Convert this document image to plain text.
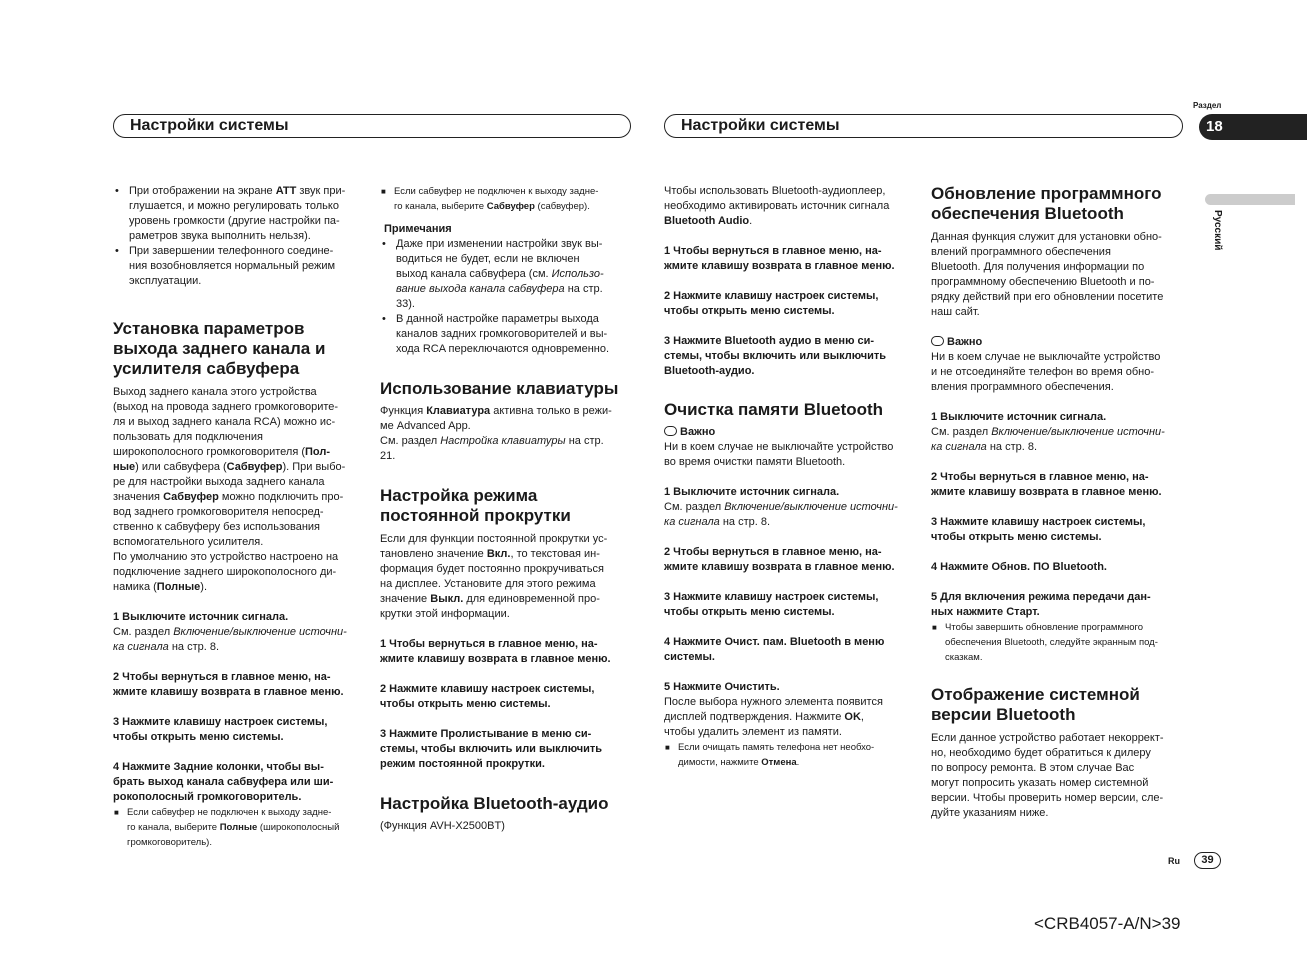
Настройки системы	Настройки системы
Раздел
18
Русский
• При отображении на экране ATT звук при-
глушается, и можно регулировать только
уровень громкости (другие настройки па-
раметров звука выполнить нельзя).
• При завершении телефонного соедине-
ния возобновляется нормальный режим
эксплуатации.

Установка параметров
выхода заднего канала и
усилителя сабвуфера

Выход заднего канала этого устройства
(выход на провода заднего громкоговорите-
ля и выход заднего канала RCA) можно ис-
пользовать для подключения
широкополосного громкоговорителя (Пол-
ные) или сабвуфера (Сабвуфер). При выбо-
ре для настройки выхода заднего канала
значения Сабвуфер можно подключить про-
вод заднего громкоговорителя непосред-
ственно к сабвуферу без использования
вспомогательного усилителя.

По умолчанию это устройство настроено на
подключение заднего широкополосного ди-
намика (Полные).

1 Выключите источник сигнала.

См. раздел Включение/выключение источни-
ка сигнала на стр. 8.

2 Чтобы вернуться в главное меню, на-
жмите клавишу возврата в главное меню.

3 Нажмите клавишу настроек системы,
чтобы открыть меню системы.

4 Нажмите Задние колонки, чтобы вы-
брать выход канала сабвуфера или ши-
рокополосный громкоговоритель.

■ Если сабвуфер не подключен к выходу задне-
го канала, выберите Полные (широкополосный
громкоговоритель).

■ Если сабвуфер не подключен к выходу задне-
го канала, выберите Сабвуфер (сабвуфер).

Примечания

• Даже при изменении настройки звук вы-
водиться не будет, если не включен
выход канала сабвуфера (см. Использо-
вание выхода канала сабвуфера на стр.
33).
• В данной настройке параметры выхода
каналов задних громкоговорителей и вы-
хода RCA переключаются одновременно.

Использование клавиатуры

Функция Клавиатура активна только в режи-
ме Advanced App.
См. раздел Настройка клавиатуры на стр.
21.

Настройка режима
постоянной прокрутки

Если для функции постоянной прокрутки ус-
тановлено значение Вкл., то текстовая ин-
формация будет постоянно прокручиваться
на дисплее. Установите для этого режима
значение Выкл. для единовременной про-
крутки этой информации.

1 Чтобы вернуться в главное меню, на-
жмите клавишу возврата в главное меню.

2 Нажмите клавишу настроек системы,
чтобы открыть меню системы.

3 Нажмите Пролистывание в меню си-
стемы, чтобы включить или выключить
режим постоянной прокрутки.

Настройка Bluetooth-аудио

(Функция AVH-X2500BT)

Чтобы использовать Bluetooth-аудиоплеер,
необходимо активировать источник сигнала
Bluetooth Audio.

1 Чтобы вернуться в главное меню, на-
жмите клавишу возврата в главное меню.

2 Нажмите клавишу настроек системы,
чтобы открыть меню системы.

3 Нажмите Bluetooth аудио в меню си-
стемы, чтобы включить или выключить
Bluetooth-аудио.

Очистка памяти Bluetooth

Важно

Ни в коем случае не выключайте устройство
во время очистки памяти Bluetooth.

1 Выключите источник сигнала.

См. раздел Включение/выключение источни-
ка сигнала на стр. 8.

2 Чтобы вернуться в главное меню, на-
жмите клавишу возврата в главное меню.

3 Нажмите клавишу настроек системы,
чтобы открыть меню системы.

4 Нажмите Очист. пам. Bluetooth в меню
системы.

5 Нажмите Очистить.

После выбора нужного элемента появится
дисплей подтверждения. Нажмите OK,
чтобы удалить элемент из памяти.

■ Если очищать память телефона нет необхо-
димости, нажмите Отмена.

Обновление программного
обеспечения Bluetooth

Данная функция служит для установки обно-
влений программного обеспечения
Bluetooth. Для получения информации по
программному обеспечению Bluetooth и по-
рядку действий при его обновлении посетите
наш сайт.

Важно

Ни в коем случае не выключайте устройство
и не отсоединяйте телефон во время обно-
вления программного обеспечения.

1 Выключите источник сигнала.

См. раздел Включение/выключение источни-
ка сигнала на стр. 8.

2 Чтобы вернуться в главное меню, на-
жмите клавишу возврата в главное меню.

3 Нажмите клавишу настроек системы,
чтобы открыть меню системы.

4 Нажмите Обнов. ПО Bluetooth.

5 Для включения режима передачи дан-
ных нажмите Старт.

■ Чтобы завершить обновление программного
обеспечения Bluetooth, следуйте экранным под-
сказкам.

Отображение системной
версии Bluetooth

Если данное устройство работает некоррект-
но, необходимо будет обратиться к дилеру
по вопросу ремонта. В этом случае Вас
могут попросить указать номер системной
версии. Чтобы проверить номер версии, сле-
дуйте указаниям ниже.

Ru	39
<CRB4057-A/N>39
